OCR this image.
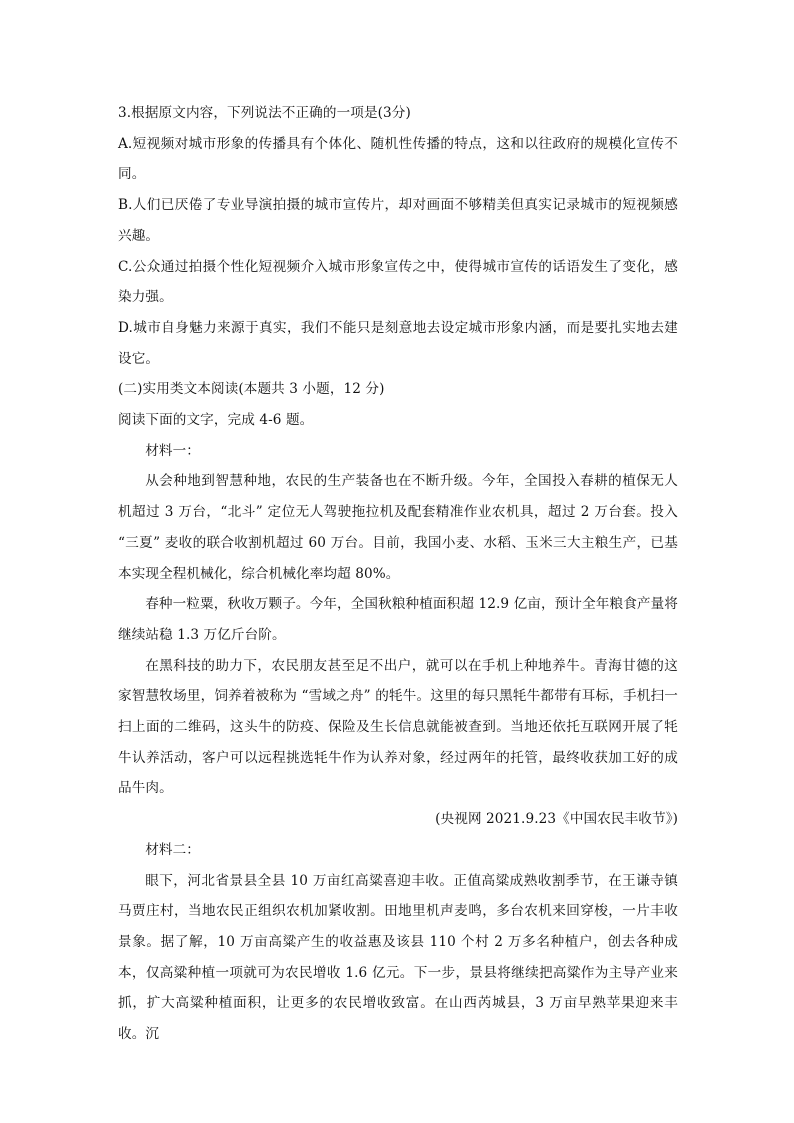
3.根据原文内容，下列说法不正确的一项是(3分)

A.短视频对城市形象的传播具有个体化、随机性传播的特点，这和以往政府的规模化宣传不同。

B.人们已厌倦了专业导演拍摄的城市宣传片，却对画面不够精美但真实记录城市的短视频感兴趣。

C.公众通过拍摄个性化短视频介入城市形象宣传之中，使得城市宣传的话语发生了变化，感染力强。

D.城市自身魅力来源于真实，我们不能只是刻意地去设定城市形象内涵，而是要扎实地去建设它。

(二)实用类文本阅读(本题共 3 小题，12 分)

阅读下面的文字，完成 4-6 题。

材料一：

从会种地到智慧种地，农民的生产装备也在不断升级。今年，全国投入春耕的植保无人机超过 3 万台，“北斗” 定位无人驾驶拖拉机及配套精准作业农机具，超过 2 万台套。投入 “三夏” 麦收的联合收割机超过 60 万台。目前，我国小麦、水稻、玉米三大主粮生产，已基本实现全程机械化，综合机械化率均超 80%。

春种一粒粟，秋收万颗子。今年，全国秋粮种植面积超 12.9 亿亩，预计全年粮食产量将继续站稳 1.3 万亿斤台阶。

在黑科技的助力下，农民朋友甚至足不出户，就可以在手机上种地养牛。青海甘德的这家智慧牧场里，饲养着被称为 “雪域之舟” 的牦牛。这里的每只黑牦牛都带有耳标，手机扫一扫上面的二维码，这头牛的防疫、保险及生长信息就能被查到。当地还依托互联网开展了牦牛认养活动，客户可以远程挑选牦牛作为认养对象，经过两年的托管，最终收获加工好的成品牛肉。

(央视网 2021.9.23《中国农民丰收节》)

材料二：

眼下，河北省景县全县 10 万亩红高粱喜迎丰收。正值高粱成熟收割季节，在王谦寺镇马贾庄村，当地农民正组织农机加紧收割。田地里机声麦鸣，多台农机来回穿梭，一片丰收景象。据了解，10 万亩高粱产生的收益惠及该县 110 个村 2 万多名种植户，创去各种成本，仅高粱种植一项就可为农民增收 1.6 亿元。下一步，景县将继续把高粱作为主导产业来抓，扩大高粱种植面积，让更多的农民增收致富。在山西芮城县，3 万亩早熟苹果迎来丰收。沉
